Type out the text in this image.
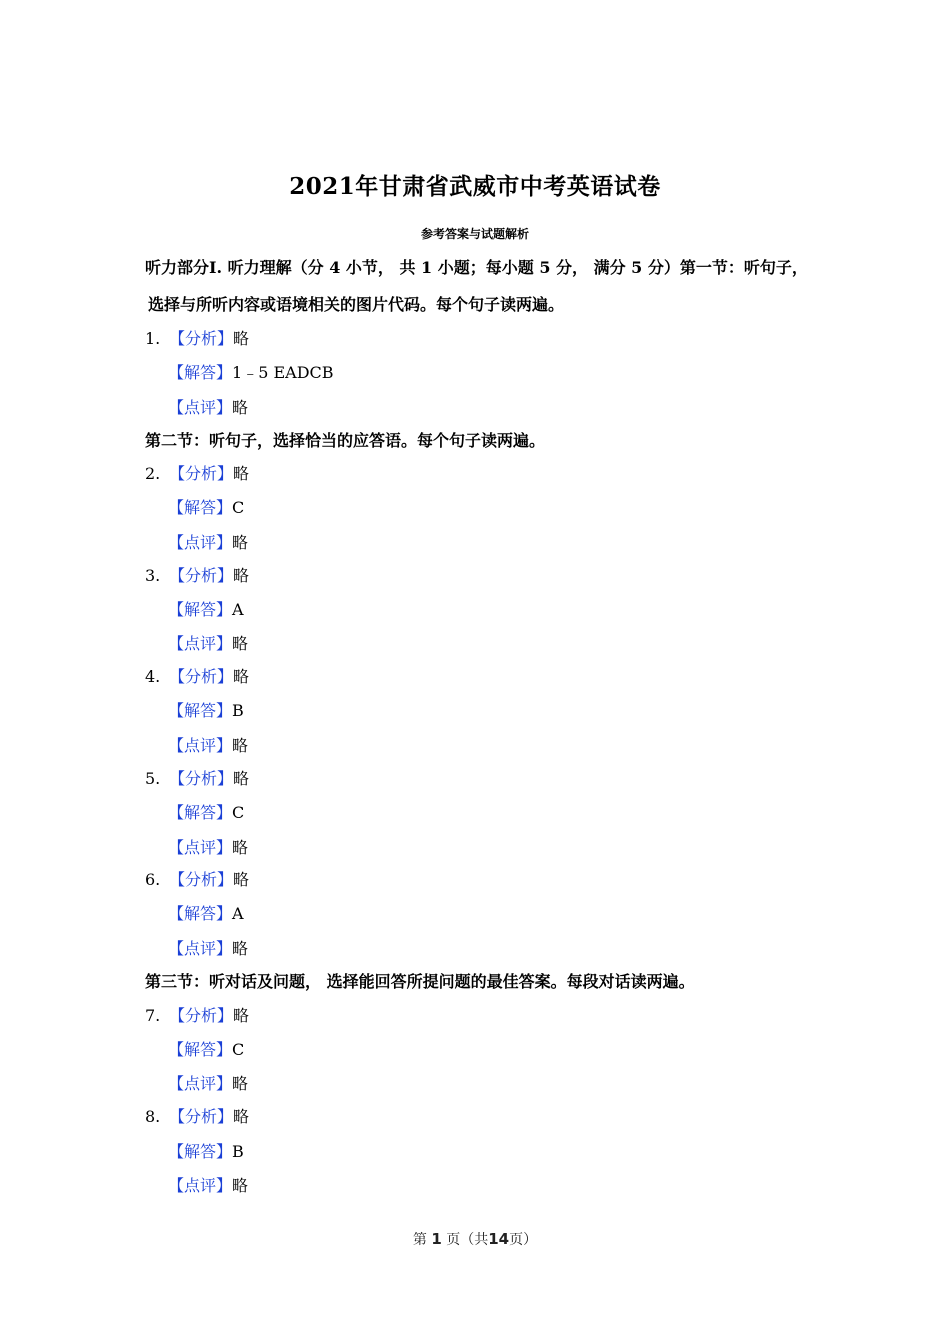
2021年甘肃省武威市中考英语试卷
参考答案与试题解析
听力部分Ⅰ. 听力理解（分 4 小节， 共 1 小题；每小题 5 分， 满分 5 分）第一节：听句子，
选择与所听内容或语境相关的图片代码。每个句子读两遍。
1. 【分析】略
【解答】1﹣5 EADCB
【点评】略
第二节：听句子，选择恰当的应答语。每个句子读两遍。
2. 【分析】略
【解答】C
【点评】略
3. 【分析】略
【解答】A
【点评】略
4. 【分析】略
【解答】B
【点评】略
5. 【分析】略
【解答】C
【点评】略
6. 【分析】略
【解答】A
【点评】略
第三节：听对话及问题， 选择能回答所提问题的最佳答案。每段对话读两遍。
7. 【分析】略
【解答】C
【点评】略
8. 【分析】略
【解答】B
【点评】略
第 1 页（共14页）
